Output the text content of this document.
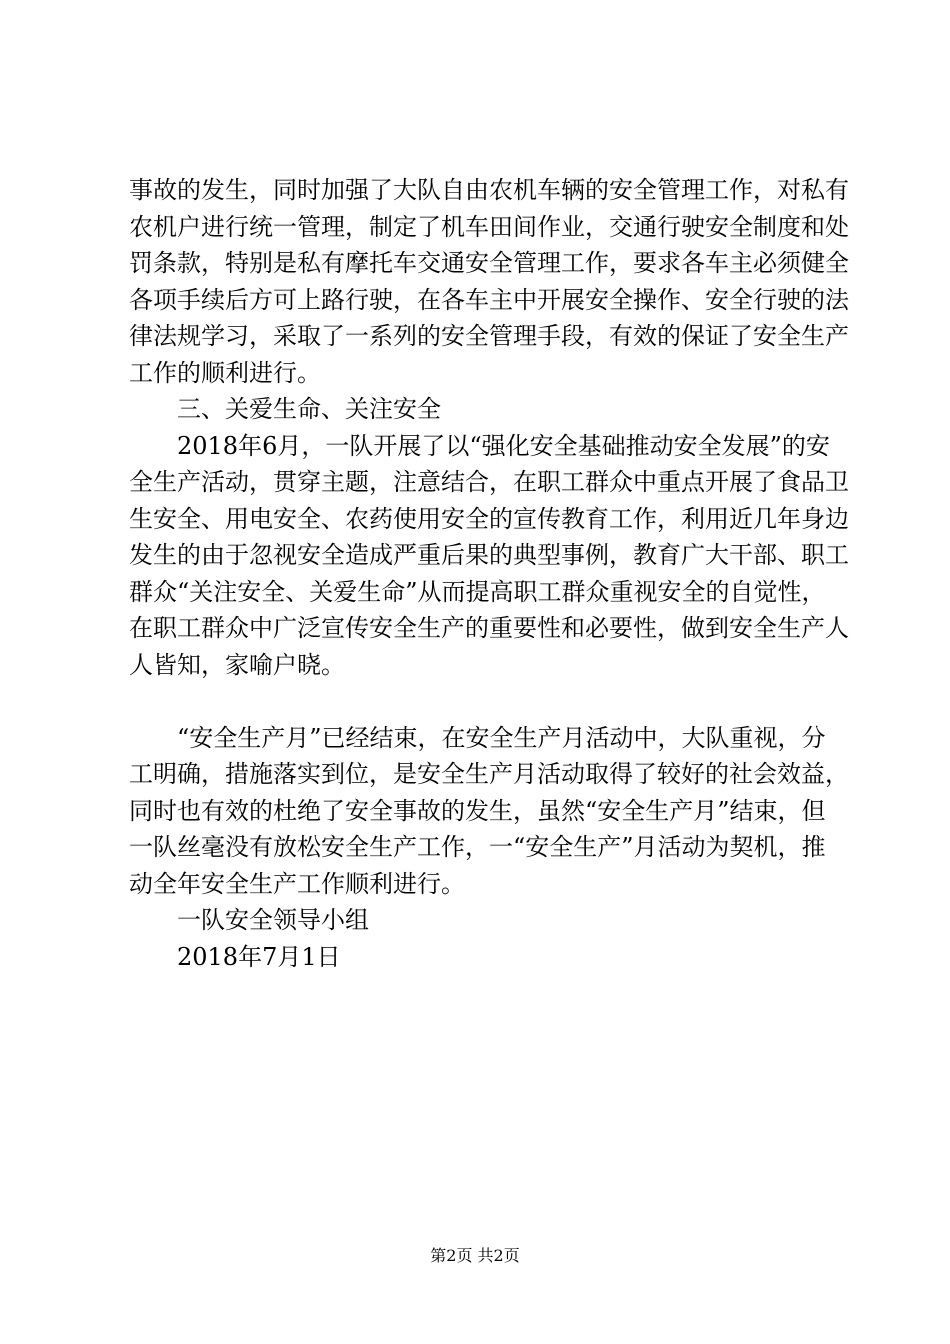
事故的发生，同时加强了大队自由农机车辆的安全管理工作，对私有农机户进行统一管理，制定了机车田间作业，交通行驶安全制度和处罚条款，特别是私有摩托车交通安全管理工作，要求各车主必须健全各项手续后方可上路行驶，在各车主中开展安全操作、安全行驶的法律法规学习，采取了一系列的安全管理手段，有效的保证了安全生产工作的顺利进行。

三、关爱生命、关注安全

2018年6月，一队开展了以“强化安全基础推动安全发展”的安全生产活动，贯穿主题，注意结合，在职工群众中重点开展了食品卫生安全、用电安全、农药使用安全的宣传教育工作，利用近几年身边发生的由于忽视安全造成严重后果的典型事例，教育广大干部、职工群众“关注安全、关爱生命”从而提高职工群众重视安全的自觉性，在职工群众中广泛宣传安全生产的重要性和必要性，做到安全生产人人皆知，家喻户晓。

“安全生产月”已经结束，在安全生产月活动中，大队重视，分工明确，措施落实到位，是安全生产月活动取得了较好的社会效益，同时也有效的杜绝了安全事故的发生，虽然“安全生产月”结束，但一队丝毫没有放松安全生产工作，一“安全生产”月活动为契机，推动全年安全生产工作顺利进行。

一队安全领导小组

2018年7月1日

第2页 共2页
